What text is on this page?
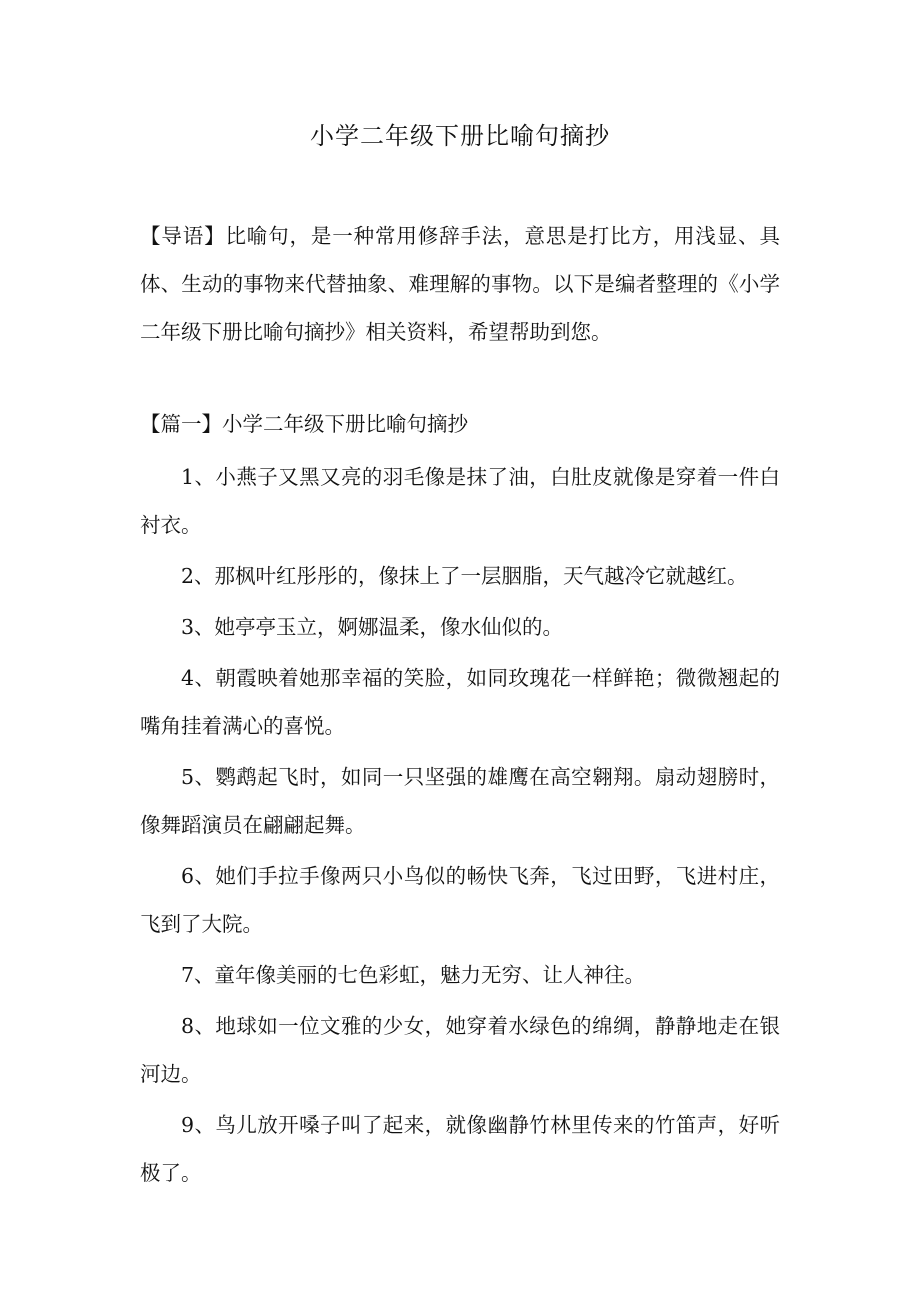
小学二年级下册比喻句摘抄
【导语】比喻句，是一种常用修辞手法，意思是打比方，用浅显、具体、生动的事物来代替抽象、难理解的事物。以下是编者整理的《小学二年级下册比喻句摘抄》相关资料，希望帮助到您。
【篇一】小学二年级下册比喻句摘抄

1、小燕子又黑又亮的羽毛像是抹了油，白肚皮就像是穿着一件白衬衣。

2、那枫叶红彤彤的，像抹上了一层胭脂，天气越冷它就越红。

3、她亭亭玉立，婀娜温柔，像水仙似的。

4、朝霞映着她那幸福的笑脸，如同玫瑰花一样鲜艳；微微翘起的嘴角挂着满心的喜悦。

5、鹦鹉起飞时，如同一只坚强的雄鹰在高空翱翔。扇动翅膀时，像舞蹈演员在翩翩起舞。

6、她们手拉手像两只小鸟似的畅快飞奔，飞过田野，飞进村庄，飞到了大院。

7、童年像美丽的七色彩虹，魅力无穷、让人神往。

8、地球如一位文雅的少女，她穿着水绿色的绵绸，静静地走在银河边。

9、鸟儿放开嗓子叫了起来，就像幽静竹林里传来的竹笛声，好听极了。
